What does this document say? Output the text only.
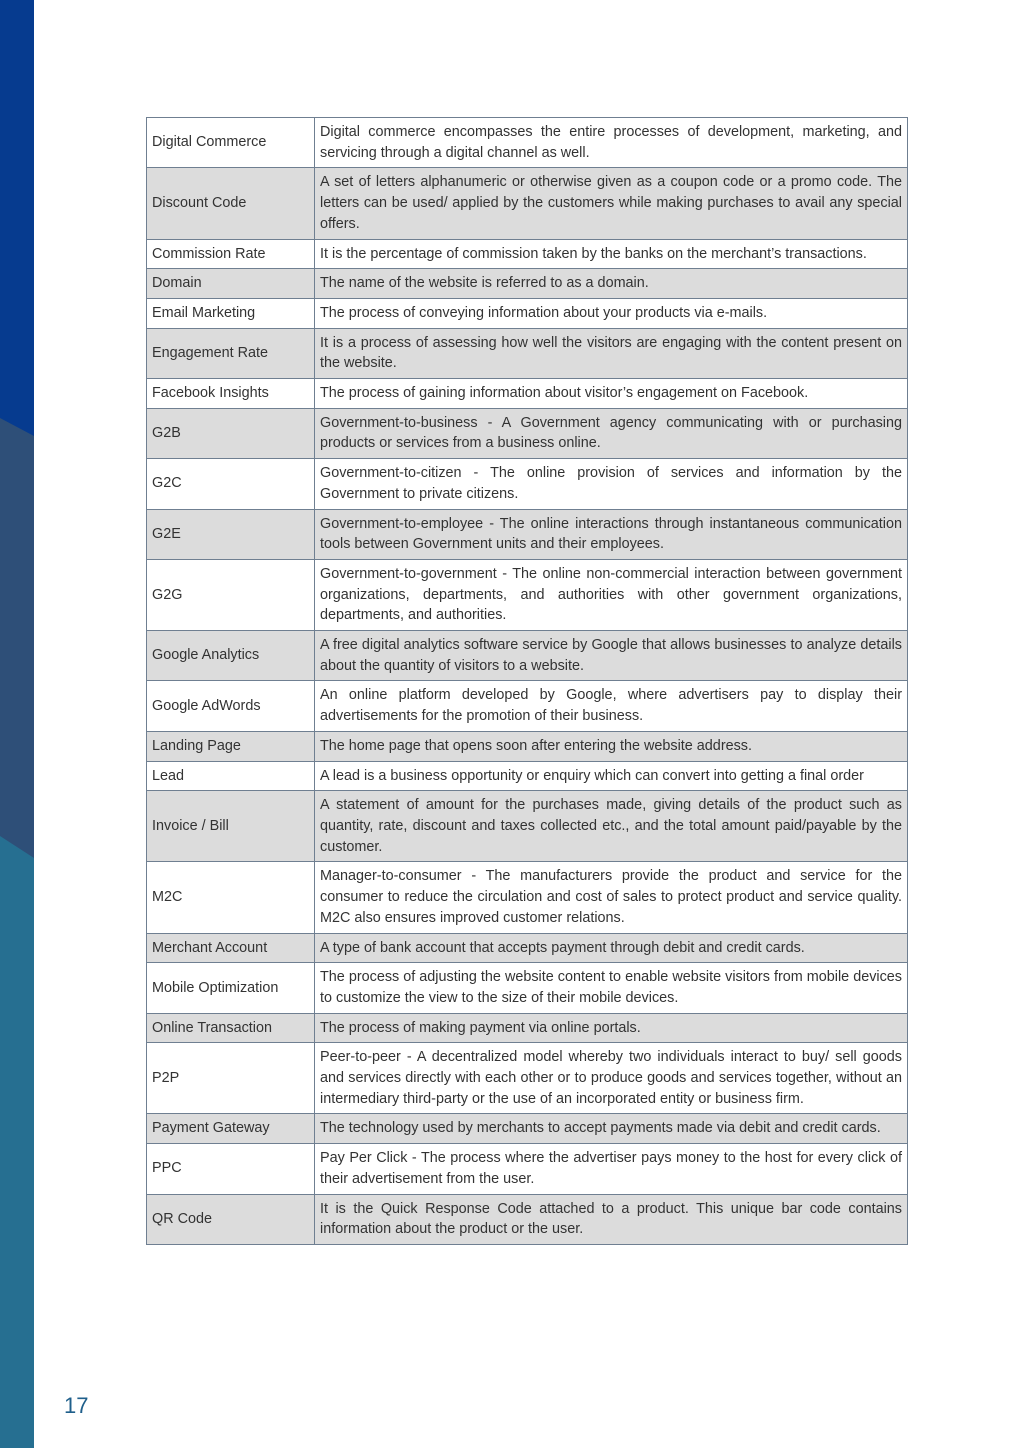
Digital Commerce	Digital commerce encompasses the entire processes of development, marketing, and servicing through a digital channel as well.
Discount Code	A set of letters alphanumeric or otherwise given as a coupon code or a promo code. The letters can be used/ applied by the customers while making purchases to avail any special offers.
Commission Rate	It is the percentage of commission taken by the banks on the merchant’s transactions.
Domain	The name of the website is referred to as a domain.
Email Marketing	The process of conveying information about your products via e-mails.
Engagement Rate	It is a process of assessing how well the visitors are engaging with the content present on the website.
Facebook Insights	The process of gaining information about visitor’s engagement on Facebook.
G2B	Government-to-business - A Government agency communicating with or purchasing products or services from a business online.
G2C	Government-to-citizen - The online provision of services and information by the Government to private citizens.
G2E	Government-to-employee - The online interactions through instantaneous communication tools between Government units and their employees.
G2G	Government-to-government - The online non-commercial interaction between government organizations, departments, and authorities with other government organizations, departments, and authorities.
Google Analytics	A free digital analytics software service by Google that allows businesses to analyze details about the quantity of visitors to a website.
Google AdWords	An online platform developed by Google, where advertisers pay to display their advertisements for the promotion of their business.
Landing Page	The home page that opens soon after entering the website address.
Lead	A lead is a business opportunity or enquiry which can convert into getting a final order
Invoice / Bill	A statement of amount for the purchases made, giving details of the product such as quantity, rate, discount and taxes collected etc., and the total amount paid/payable by the customer.
M2C	Manager-to-consumer - The manufacturers provide the product and service for the consumer to reduce the circulation and cost of sales to protect product and service quality. M2C also ensures improved customer relations.
Merchant Account	A type of bank account that accepts payment through debit and credit cards.
Mobile Optimization	The process of adjusting the website content to enable website visitors from mobile devices to customize the view to the size of their mobile devices.
Online Transaction	The process of making payment via online portals.
P2P	Peer-to-peer - A decentralized model whereby two individuals interact to buy/ sell goods and services directly with each other or to produce goods and services together, without an intermediary third-party or the use of an incorporated entity or business firm.
Payment Gateway	The technology used by merchants to accept payments made via debit and credit cards.
PPC	Pay Per Click - The process where the advertiser pays money to the host for every click of their advertisement from the user.
QR Code	It is the Quick Response Code attached to a product. This unique bar code contains information about the product or the user.
17
